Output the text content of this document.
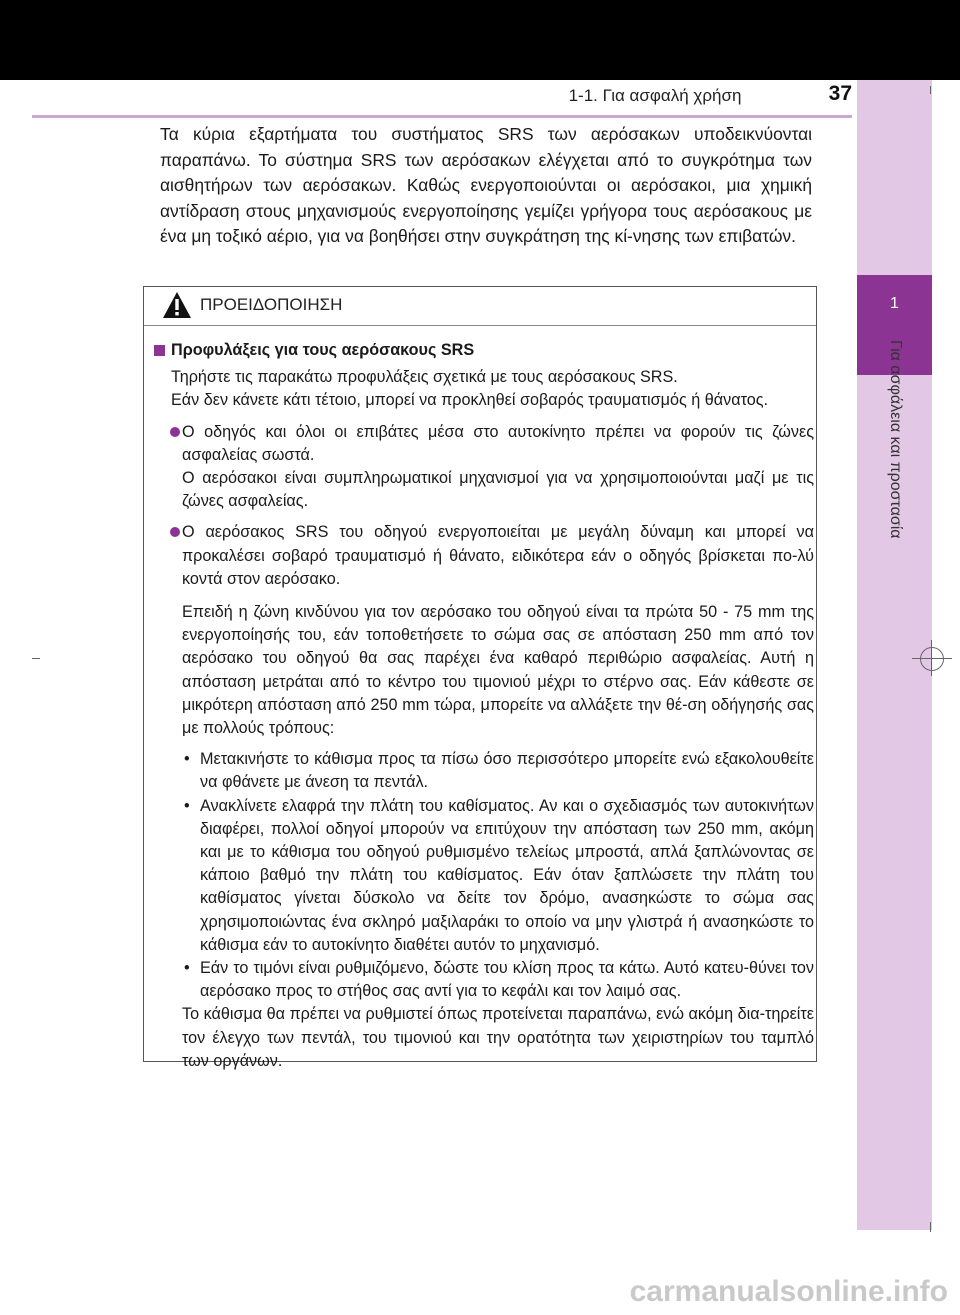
1-1. Για ασφαλή χρήση	37
1
Για ασφάλεια και προστασία

Τα κύρια εξαρτήματα του συστήματος SRS των αερόσακων υποδεικνύονται παραπάνω. Το σύστημα SRS των αερόσακων ελέγχεται από το συγκρότημα των αισθητήρων των αερόσακων. Καθώς ενεργοποιούνται οι αερόσακοι, μια χημική αντίδραση στους μηχανισμούς ενεργοποίησης γεμίζει γρήγορα τους αερόσακους με ένα μη τοξικό αέριο, για να βοηθήσει στην συγκράτηση της κί-νησης των επιβατών.

ΠΡΟΕΙΔΟΠΟΙΗΣΗ

Προφυλάξεις για τους αερόσακους SRS

Τηρήστε τις παρακάτω προφυλάξεις σχετικά με τους αερόσακους SRS.

Εάν δεν κάνετε κάτι τέτοιο, μπορεί να προκληθεί σοβαρός τραυματισμός ή θάνατος.

Ο οδηγός και όλοι οι επιβάτες μέσα στο αυτοκίνητο πρέπει να φορούν τις ζώνες ασφαλείας σωστά.
Ο αερόσακοι είναι συμπληρωματικοί μηχανισμοί για να χρησιμοποιούνται μαζί με τις ζώνες ασφαλείας.

Ο αερόσακος SRS του οδηγού ενεργοποιείται με μεγάλη δύναμη και μπορεί να προκαλέσει σοβαρό τραυματισμό ή θάνατο, ειδικότερα εάν ο οδηγός βρίσκεται πο-λύ κοντά στον αερόσακο.

Επειδή η ζώνη κινδύνου για τον αερόσακο του οδηγού είναι τα πρώτα 50 - 75 mm της ενεργοποίησής του, εάν τοποθετήσετε το σώμα σας σε απόσταση 250 mm από τον αερόσακο του οδηγού θα σας παρέχει ένα καθαρό περιθώριο ασφαλείας. Αυτή η απόσταση μετράται από το κέντρο του τιμονιού μέχρι το στέρνο σας. Εάν κάθεστε σε μικρότερη απόσταση από 250 mm τώρα, μπορείτε να αλλάξετε την θέ-ση οδήγησής σας με πολλούς τρόπους:

• Μετακινήστε το κάθισμα προς τα πίσω όσο περισσότερο μπορείτε ενώ εξακολουθείτε να φθάνετε με άνεση τα πεντάλ.
• Ανακλίνετε ελαφρά την πλάτη του καθίσματος. Αν και ο σχεδιασμός των αυτοκινήτων διαφέρει, πολλοί οδηγοί μπορούν να επιτύχουν την απόσταση των 250 mm, ακόμη και με το κάθισμα του οδηγού ρυθμισμένο τελείως μπροστά, απλά ξαπλώνοντας σε κάποιο βαθμό την πλάτη του καθίσματος. Εάν όταν ξαπλώσετε την πλάτη του καθίσματος γίνεται δύσκολο να δείτε τον δρόμο, ανασηκώστε το σώμα σας χρησιμοποιώντας ένα σκληρό μαξιλαράκι το οποίο να μην γλιστρά ή ανασηκώστε το κάθισμα εάν το αυτοκίνητο διαθέτει αυτόν το μηχανισμό.
• Εάν το τιμόνι είναι ρυθμιζόμενο, δώστε του κλίση προς τα κάτω. Αυτό κατευ-θύνει τον αερόσακο προς το στήθος σας αντί για το κεφάλι και τον λαιμό σας.

Το κάθισμα θα πρέπει να ρυθμιστεί όπως προτείνεται παραπάνω, ενώ ακόμη δια-τηρείτε τον έλεγχο των πεντάλ, του τιμονιού και την ορατότητα των χειριστηρίων του ταμπλό των οργάνων.

carmanualsonline.info
